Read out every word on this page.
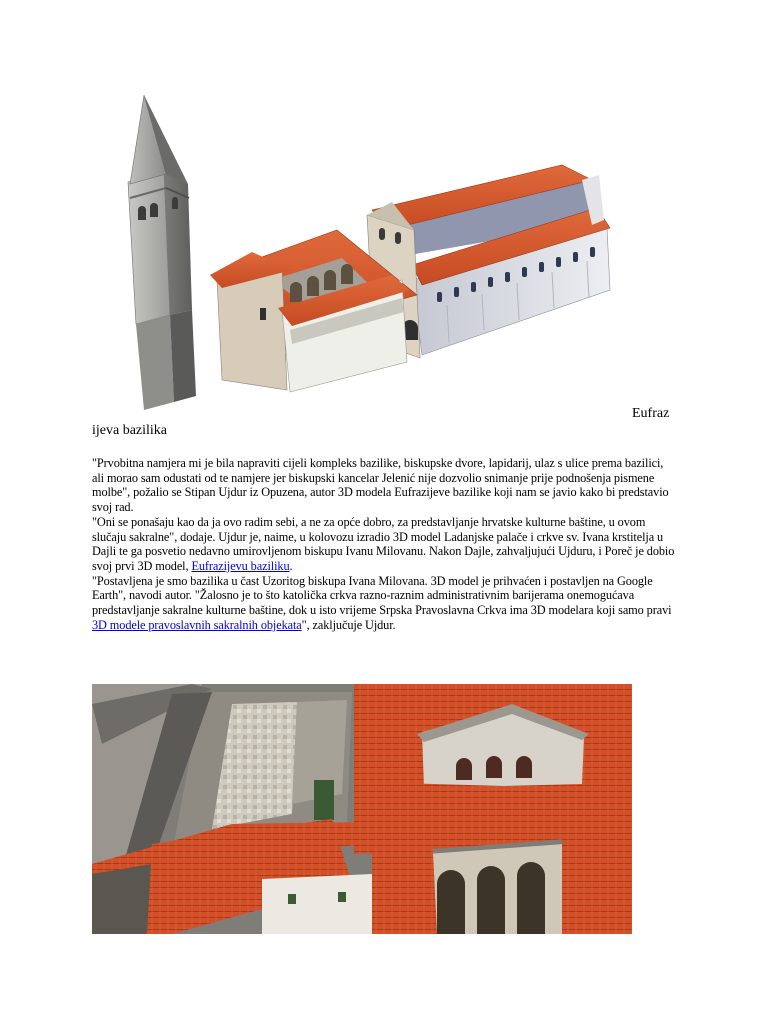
Eufraz
ijeva bazilika

"Prvobitna namjera mi je bila napraviti cijeli kompleks bazilike, biskupske dvore, lapidarij, ulaz s ulice prema bazilici, ali morao sam odustati od te namjere jer biskupski kancelar Jelenić nije dozvolio snimanje prije podnošenja pismene molbe", požalio se Stipan Ujdur iz Opuzena, autor 3D modela Eufrazijeve bazilike koji nam se javio kako bi predstavio svoj rad.

"Oni se ponašaju kao da ja ovo radim sebi, a ne za opće dobro, za predstavljanje hrvatske kulturne baštine, u ovom slučaju sakralne", dodaje. Ujdur je, naime, u kolovozu izradio 3D model Ladanjske palače i crkve sv. Ivana krstitelja u Dajli te ga posvetio nedavno umirovljenom biskupu Ivanu Milovanu. Nakon Dajle, zahvaljujući Ujduru, i Poreč je dobio svoj prvi 3D model, Eufrazijevu baziliku.

"Postavljena je smo bazilika u čast Uzoritog biskupa Ivana Milovana. 3D model je prihvaćen i postavljen na Google Earth", navodi autor. "Žalosno je to što katolička crkva razno-raznim administrativnim barijerama onemogućava predstavljanje sakralne kulturne baštine, dok u isto vrijeme Srpska Pravoslavna Crkva ima 3D modelara koji samo pravi 3D modele pravoslavnih sakralnih objekata", zaključuje Ujdur.
